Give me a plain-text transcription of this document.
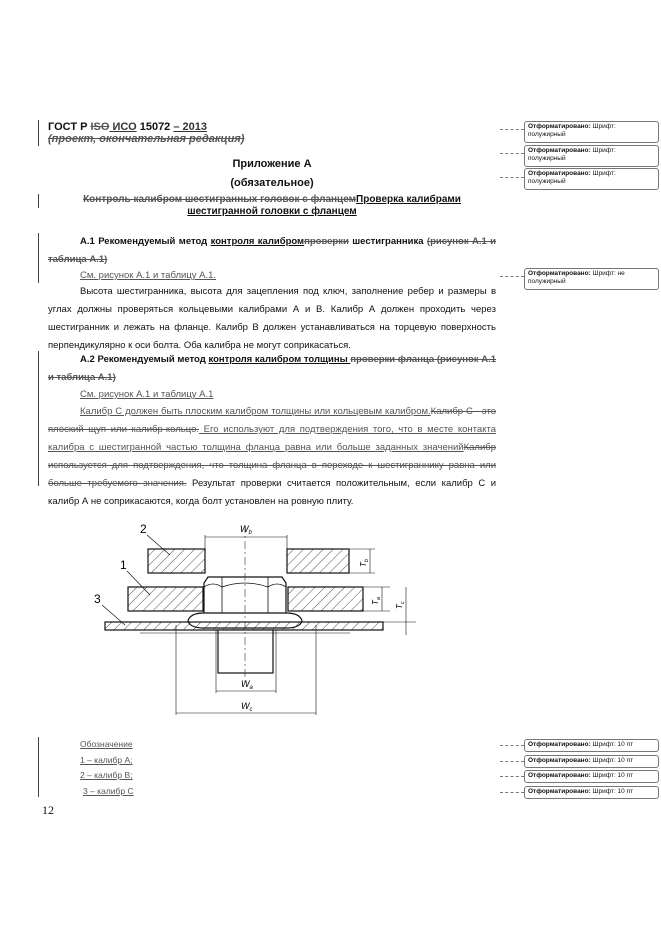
ГОСТ Р ISO ИСО 15072 – 2013
(проект, окончательная редакция)
Приложение А
(обязательное)
Контроль калибром шестигранных головок с фланцемПроверка калибрами шестигранной головки с фланцем
А.1 Рекомендуемый метод контроля калибромпроверки шестигранника (рисунок А.1 и таблица А.1)
См. рисунок А.1 и таблицу А.1.
Высота шестигранника, высота для зацепления под ключ, заполнение ребер и размеры в углах должны проверяться кольцевыми калибрами А и В. Калибр А должен проходить через шестигранник и лежать на фланце. Калибр В должен устанавливаться на торцевую поверхность перпендикулярно к оси болта. Оба калибра не могут соприкасаться.
А.2 Рекомендуемый метод контроля калибром толщины проверки фланца (рисунок А.1 и таблица А.1)
См. рисунок А.1 и таблицу А.1
Калибр С должен быть плоским калибром толщины или кольцевым калибром.Калибр С - это плоский щуп или калибр-кольцо. Его используют для подтверждения того, что в месте контакта калибра с шестигранной частью толщина фланца равна или больше заданных значенийКалибр используется для подтверждения, что толщина фланца в переходе к шестиграннику равна или больше требуемого значения. Результат проверки считается положительным, если калибр С и калибр А не соприкасаются, когда болт установлен на ровную плиту.
$W_b$
$W_a$
$W_c$
$T_b$
$T_a$
$T_c$
2
1
3
Обозначение
1 – калибр А;
2 – калибр В;
3 – калибр С
12
Отформатировано: Шрифт: полужирный
Отформатировано: Шрифт: полужирный
Отформатировано: Шрифт: полужирный
Отформатировано: Шрифт: не полужирный
Отформатировано: Шрифт: 10 пт
Отформатировано: Шрифт: 10 пт
Отформатировано: Шрифт: 10 пт
Отформатировано: Шрифт: 10 пт
